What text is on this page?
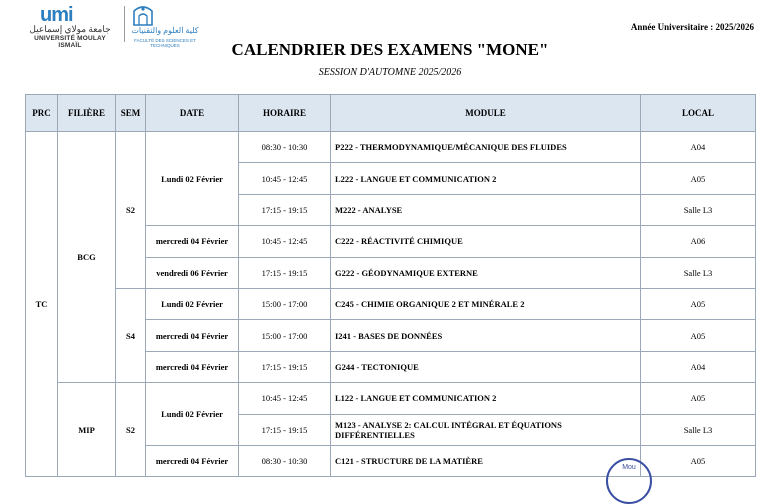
umi
جامعة مولاي إسماعيل
UNIVERSITÉ MOULAY ISMAÏL
كلية العلوم والتقنيات
FACULTÉ DES SCIENCES ET TECHNIQUES
Année Universitaire : 2025/2026
CALENDRIER DES EXAMENS "MONE"
SESSION D'AUTOMNE 2025/2026
PRC	FILIÈRE	SEM	DATE	HORAIRE	MODULE	LOCAL
TC	BCG	S2	Lundi 02 Février	08:30 - 10:30	P222 - THERMODYNAMIQUE/MÉCANIQUE DES FLUIDES	A04
				10:45 - 12:45	L222 - LANGUE ET COMMUNICATION 2	A05
				17:15 - 19:15	M222 - ANALYSE	Salle L3
			mercredi 04 Février	10:45 - 12:45	C222 - RÉACTIVITÉ CHIMIQUE	A06
			vendredi 06 Février	17:15 - 19:15	G222 - GÉODYNAMIQUE EXTERNE	Salle L3
		S4	Lundi 02 Février	15:00 - 17:00	C245 - CHIMIE ORGANIQUE 2 ET MINÉRALE 2	A05
			mercredi 04 Février	15:00 - 17:00	I241 - BASES DE DONNÉES	A05
			mercredi 04 Février	17:15 - 19:15	G244 - TECTONIQUE	A04
	MIP	S2	Lundi 02 Février	10:45 - 12:45	L122 - LANGUE ET COMMUNICATION 2	A05
				17:15 - 19:15	M123 - ANALYSE 2: CALCUL INTÉGRAL ET ÉQUATIONS DIFFÉRENTIELLES	Salle L3
			mercredi 04 Février	08:30 - 10:30	C121 - STRUCTURE DE LA MATIÈRE	A05
Mou
